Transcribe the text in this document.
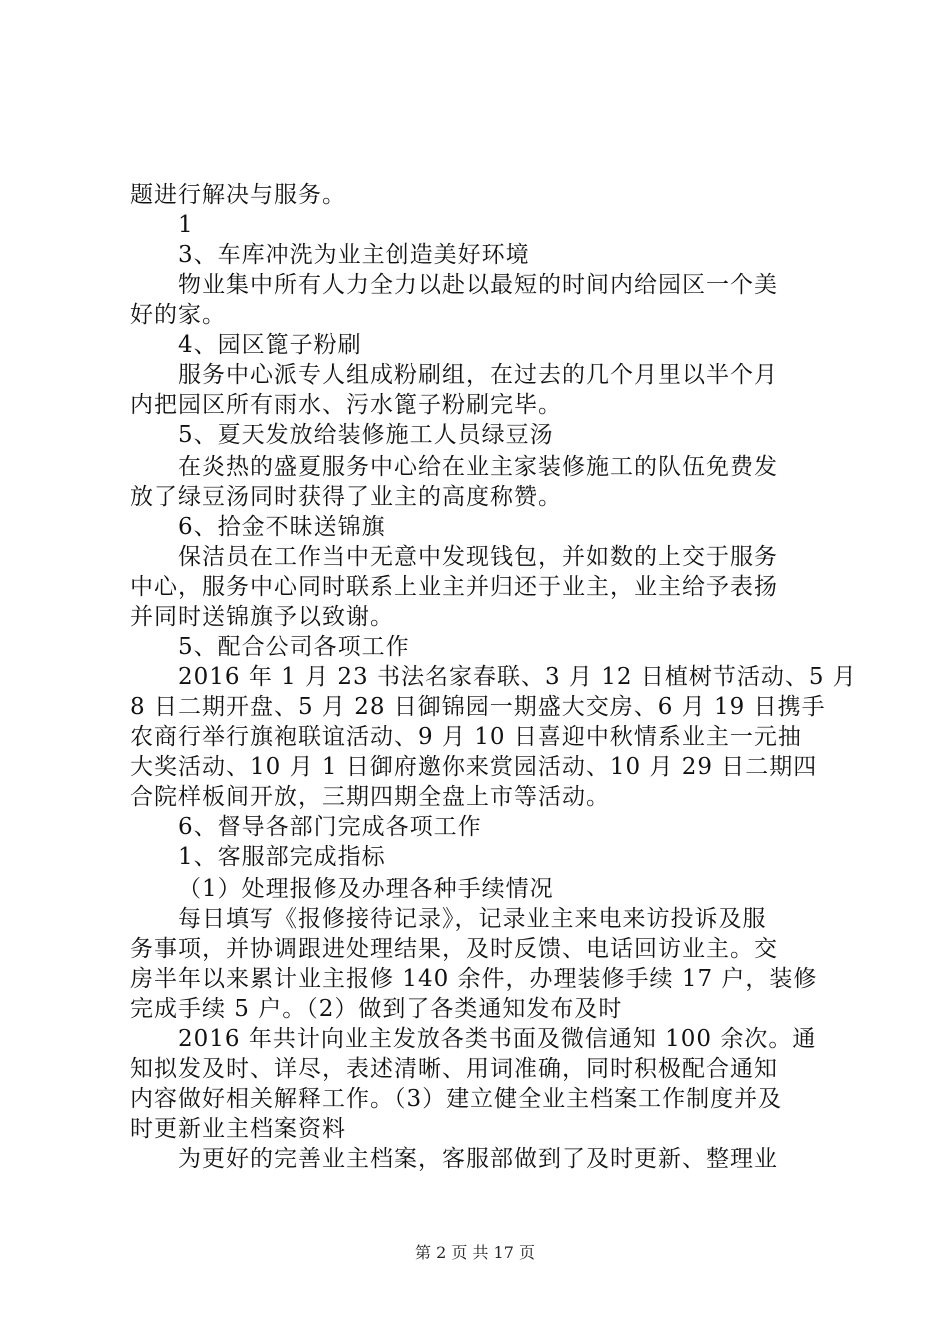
题进行解决与服务。
1
3、车库冲洗为业主创造美好环境
物业集中所有人力全力以赴以最短的时间内给园区一个美
好的家。
4、园区篦子粉刷
服务中心派专人组成粉刷组，在过去的几个月里以半个月
内把园区所有雨水、污水篦子粉刷完毕。
5、夏天发放给装修施工人员绿豆汤
在炎热的盛夏服务中心给在业主家装修施工的队伍免费发
放了绿豆汤同时获得了业主的高度称赞。
6、拾金不昧送锦旗
保洁员在工作当中无意中发现钱包，并如数的上交于服务
中心，服务中心同时联系上业主并归还于业主，业主给予表扬
并同时送锦旗予以致谢。
5、配合公司各项工作
2016 年 1 月 23 书法名家春联、3 月 12 日植树节活动、5 月
8 日二期开盘、5 月 28 日御锦园一期盛大交房、6 月 19 日携手
农商行举行旗袍联谊活动、9 月 10 日喜迎中秋情系业主一元抽
大奖活动、10 月 1 日御府邀你来赏园活动、10 月 29 日二期四
合院样板间开放，三期四期全盘上市等活动。
6、督导各部门完成各项工作
1、客服部完成指标
（1）处理报修及办理各种手续情况
每日填写《报修接待记录》，记录业主来电来访投诉及服
务事项，并协调跟进处理结果，及时反馈、电话回访业主。交
房半年以来累计业主报修 140 余件，办理装修手续 17 户，装修
完成手续 5 户。（2）做到了各类通知发布及时
2016 年共计向业主发放各类书面及微信通知 100 余次。通
知拟发及时、详尽，表述清晰、用词准确，同时积极配合通知
内容做好相关解释工作。（3）建立健全业主档案工作制度并及
时更新业主档案资料
为更好的完善业主档案，客服部做到了及时更新、整理业
第 2 页 共 17 页
